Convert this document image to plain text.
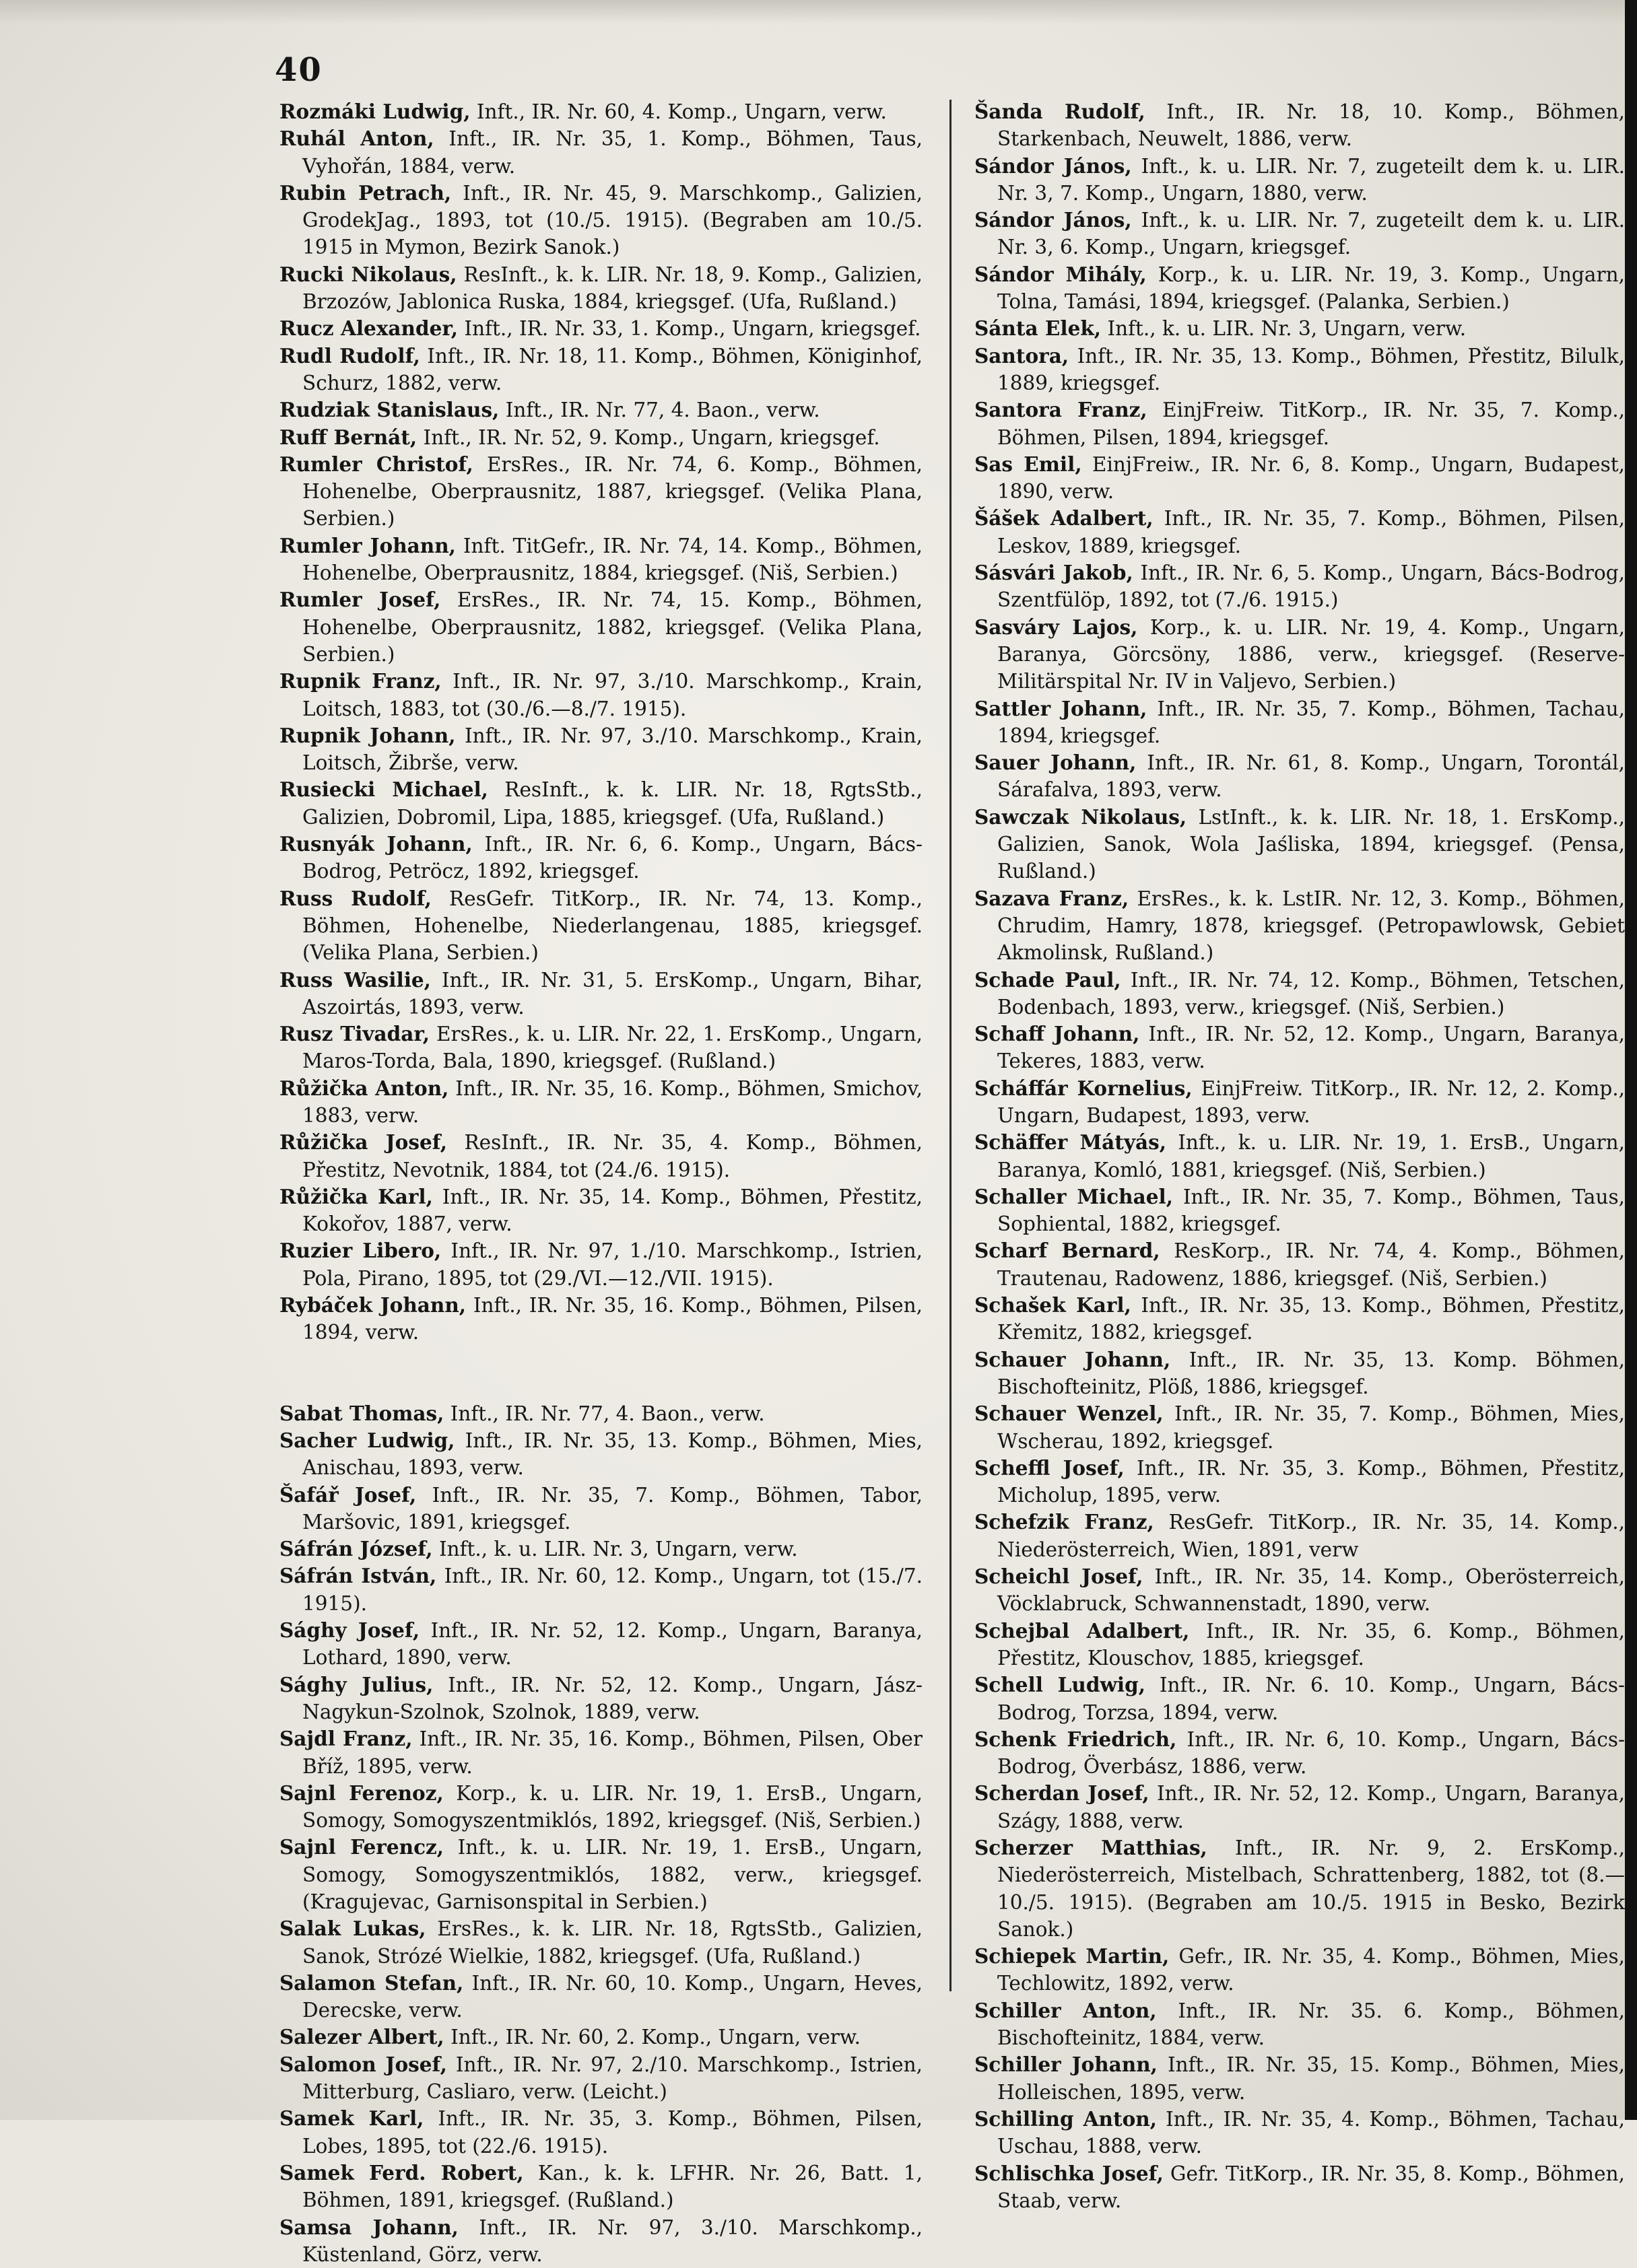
40
Rozmáki Ludwig, Inft., IR. Nr. 60, 4. Komp., Ungarn, verw.
Ruhál Anton, Inft., IR. Nr. 35, 1. Komp., Böhmen, Taus, Vyhořán, 1884, verw.
Rubin Petrach, Inft., IR. Nr. 45, 9. Marschkomp., Galizien, GrodekJag., 1893, tot (10./5. 1915). (Begraben am 10./5. 1915 in Mymon, Bezirk Sanok.)
Rucki Nikolaus, ResInft., k. k. LIR. Nr. 18, 9. Komp., Galizien, Brzozów, Jablonica Ruska, 1884, kriegsgef. (Ufa, Rußland.)
Rucz Alexander, Inft., IR. Nr. 33, 1. Komp., Ungarn, kriegsgef.
Rudl Rudolf, Inft., IR. Nr. 18, 11. Komp., Böhmen, Königinhof, Schurz, 1882, verw.
Rudziak Stanislaus, Inft., IR. Nr. 77, 4. Baon., verw.
Ruff Bernát, Inft., IR. Nr. 52, 9. Komp., Ungarn, kriegsgef.
Rumler Christof, ErsRes., IR. Nr. 74, 6. Komp., Böhmen, Hohenelbe, Oberprausnitz, 1887, kriegsgef. (Velika Plana, Serbien.)
Rumler Johann, Inft. TitGefr., IR. Nr. 74, 14. Komp., Böhmen, Hohenelbe, Oberprausnitz, 1884, kriegsgef. (Niš, Serbien.)
Rumler Josef, ErsRes., IR. Nr. 74, 15. Komp., Böhmen, Hohenelbe, Oberprausnitz, 1882, kriegsgef. (Velika Plana, Serbien.)
Rupnik Franz, Inft., IR. Nr. 97, 3./10. Marschkomp., Krain, Loitsch, 1883, tot (30./6.—8./7. 1915).
Rupnik Johann, Inft., IR. Nr. 97, 3./10. Marschkomp., Krain, Loitsch, Žibrše, verw.
Rusiecki Michael, ResInft., k. k. LIR. Nr. 18, RgtsStb., Galizien, Dobromil, Lipa, 1885, kriegsgef. (Ufa, Rußland.)
Rusnyák Johann, Inft., IR. Nr. 6, 6. Komp., Ungarn, Bács-Bodrog, Petröcz, 1892, kriegsgef.
Russ Rudolf, ResGefr. TitKorp., IR. Nr. 74, 13. Komp., Böhmen, Hohenelbe, Niederlangenau, 1885, kriegsgef. (Velika Plana, Serbien.)
Russ Wasilie, Inft., IR. Nr. 31, 5. ErsKomp., Ungarn, Bihar, Aszoirtás, 1893, verw.
Rusz Tivadar, ErsRes., k. u. LIR. Nr. 22, 1. ErsKomp., Ungarn, Maros-Torda, Bala, 1890, kriegsgef. (Rußland.)
Růžička Anton, Inft., IR. Nr. 35, 16. Komp., Böhmen, Smichov, 1883, verw.
Růžička Josef, ResInft., IR. Nr. 35, 4. Komp., Böhmen, Přestitz, Nevotnik, 1884, tot (24./6. 1915).
Růžička Karl, Inft., IR. Nr. 35, 14. Komp., Böhmen, Přestitz, Kokořov, 1887, verw.
Ruzier Libero, Inft., IR. Nr. 97, 1./10. Marschkomp., Istrien, Pola, Pirano, 1895, tot (29./VI.—12./VII. 1915).
Rybáček Johann, Inft., IR. Nr. 35, 16. Komp., Böhmen, Pilsen, 1894, verw.
Sabat Thomas, Inft., IR. Nr. 77, 4. Baon., verw.
Sacher Ludwig, Inft., IR. Nr. 35, 13. Komp., Böhmen, Mies, Anischau, 1893, verw.
Šafář Josef, Inft., IR. Nr. 35, 7. Komp., Böhmen, Tabor, Maršovic, 1891, kriegsgef.
Sáfrán József, Inft., k. u. LIR. Nr. 3, Ungarn, verw.
Sáfrán István, Inft., IR. Nr. 60, 12. Komp., Ungarn, tot (15./7. 1915).
Sághy Josef, Inft., IR. Nr. 52, 12. Komp., Ungarn, Baranya, Lothard, 1890, verw.
Sághy Julius, Inft., IR. Nr. 52, 12. Komp., Ungarn, Jász-Nagykun-Szolnok, Szolnok, 1889, verw.
Sajdl Franz, Inft., IR. Nr. 35, 16. Komp., Böhmen, Pilsen, Ober Bříž, 1895, verw.
Sajnl Ferenoz, Korp., k. u. LIR. Nr. 19, 1. ErsB., Ungarn, Somogy, Somogyszentmiklós, 1892, kriegsgef. (Niš, Serbien.)
Sajnl Ferencz, Inft., k. u. LIR. Nr. 19, 1. ErsB., Ungarn, Somogy, Somogyszentmiklós, 1882, verw., kriegsgef. (Kragujevac, Garnisonspital in Serbien.)
Salak Lukas, ErsRes., k. k. LIR. Nr. 18, RgtsStb., Galizien, Sanok, Strózé Wielkie, 1882, kriegsgef. (Ufa, Rußland.)
Salamon Stefan, Inft., IR. Nr. 60, 10. Komp., Ungarn, Heves, Derecske, verw.
Salezer Albert, Inft., IR. Nr. 60, 2. Komp., Ungarn, verw.
Salomon Josef, Inft., IR. Nr. 97, 2./10. Marschkomp., Istrien, Mitterburg, Casliaro, verw. (Leicht.)
Samek Karl, Inft., IR. Nr. 35, 3. Komp., Böhmen, Pilsen, Lobes, 1895, tot (22./6. 1915).
Samek Ferd. Robert, Kan., k. k. LFHR. Nr. 26, Batt. 1, Böhmen, 1891, kriegsgef. (Rußland.)
Samsa Johann, Inft., IR. Nr. 97, 3./10. Marschkomp., Küstenland, Görz, verw.
Šanda Rudolf, Inft., IR. Nr. 18, 10. Komp., Böhmen, Starkenbach, Neuwelt, 1886, verw.
Sándor János, Inft., k. u. LIR. Nr. 7, zugeteilt dem k. u. LIR. Nr. 3, 7. Komp., Ungarn, 1880, verw.
Sándor János, Inft., k. u. LIR. Nr. 7, zugeteilt dem k. u. LIR. Nr. 3, 6. Komp., Ungarn, kriegsgef.
Sándor Mihály, Korp., k. u. LIR. Nr. 19, 3. Komp., Ungarn, Tolna, Tamási, 1894, kriegsgef. (Palanka, Serbien.)
Sánta Elek, Inft., k. u. LIR. Nr. 3, Ungarn, verw.
Santora, Inft., IR. Nr. 35, 13. Komp., Böhmen, Přestitz, Bilulk, 1889, kriegsgef.
Santora Franz, EinjFreiw. TitKorp., IR. Nr. 35, 7. Komp., Böhmen, Pilsen, 1894, kriegsgef.
Sas Emil, EinjFreiw., IR. Nr. 6, 8. Komp., Ungarn, Budapest, 1890, verw.
Šášek Adalbert, Inft., IR. Nr. 35, 7. Komp., Böhmen, Pilsen, Leskov, 1889, kriegsgef.
Sásvári Jakob, Inft., IR. Nr. 6, 5. Komp., Ungarn, Bács-Bodrog, Szentfülöp, 1892, tot (7./6. 1915.)
Sasváry Lajos, Korp., k. u. LIR. Nr. 19, 4. Komp., Ungarn, Baranya, Görcsöny, 1886, verw., kriegsgef. (Reserve-Militärspital Nr. IV in Valjevo, Serbien.)
Sattler Johann, Inft., IR. Nr. 35, 7. Komp., Böhmen, Tachau, 1894, kriegsgef.
Sauer Johann, Inft., IR. Nr. 61, 8. Komp., Ungarn, Torontál, Sárafalva, 1893, verw.
Sawczak Nikolaus, LstInft., k. k. LIR. Nr. 18, 1. ErsKomp., Galizien, Sanok, Wola Jaśliska, 1894, kriegsgef. (Pensa, Rußland.)
Sazava Franz, ErsRes., k. k. LstIR. Nr. 12, 3. Komp., Böhmen, Chrudim, Hamry, 1878, kriegsgef. (Petropawlowsk, Gebiet Akmolinsk, Rußland.)
Schade Paul, Inft., IR. Nr. 74, 12. Komp., Böhmen, Tetschen, Bodenbach, 1893, verw., kriegsgef. (Niš, Serbien.)
Schaff Johann, Inft., IR. Nr. 52, 12. Komp., Ungarn, Baranya, Tekeres, 1883, verw.
Scháffár Kornelius, EinjFreiw. TitKorp., IR. Nr. 12, 2. Komp., Ungarn, Budapest, 1893, verw.
Schäffer Mátyás, Inft., k. u. LIR. Nr. 19, 1. ErsB., Ungarn, Baranya, Komló, 1881, kriegsgef. (Niš, Serbien.)
Schaller Michael, Inft., IR. Nr. 35, 7. Komp., Böhmen, Taus, Sophiental, 1882, kriegsgef.
Scharf Bernard, ResKorp., IR. Nr. 74, 4. Komp., Böhmen, Trautenau, Radowenz, 1886, kriegsgef. (Niš, Serbien.)
Schašek Karl, Inft., IR. Nr. 35, 13. Komp., Böhmen, Přestitz, Křemitz, 1882, kriegsgef.
Schauer Johann, Inft., IR. Nr. 35, 13. Komp. Böhmen, Bischofteinitz, Plöß, 1886, kriegsgef.
Schauer Wenzel, Inft., IR. Nr. 35, 7. Komp., Böhmen, Mies, Wscherau, 1892, kriegsgef.
Scheffl Josef, Inft., IR. Nr. 35, 3. Komp., Böhmen, Přestitz, Micholup, 1895, verw.
Schefzik Franz, ResGefr. TitKorp., IR. Nr. 35, 14. Komp., Niederösterreich, Wien, 1891, verw
Scheichl Josef, Inft., IR. Nr. 35, 14. Komp., Oberösterreich, Vöcklabruck, Schwannenstadt, 1890, verw.
Schejbal Adalbert, Inft., IR. Nr. 35, 6. Komp., Böhmen, Přestitz, Klouschov, 1885, kriegsgef.
Schell Ludwig, Inft., IR. Nr. 6. 10. Komp., Ungarn, Bács-Bodrog, Torzsa, 1894, verw.
Schenk Friedrich, Inft., IR. Nr. 6, 10. Komp., Ungarn, Bács-Bodrog, Överbász, 1886, verw.
Scherdan Josef, Inft., IR. Nr. 52, 12. Komp., Ungarn, Baranya, Szágy, 1888, verw.
Scherzer Matthias, Inft., IR. Nr. 9, 2. ErsKomp., Niederösterreich, Mistelbach, Schrattenberg, 1882, tot (8.—10./5. 1915). (Begraben am 10./5. 1915 in Besko, Bezirk Sanok.)
Schiepek Martin, Gefr., IR. Nr. 35, 4. Komp., Böhmen, Mies, Techlowitz, 1892, verw.
Schiller Anton, Inft., IR. Nr. 35. 6. Komp., Böhmen, Bischofteinitz, 1884, verw.
Schiller Johann, Inft., IR. Nr. 35, 15. Komp., Böhmen, Mies, Holleischen, 1895, verw.
Schilling Anton, Inft., IR. Nr. 35, 4. Komp., Böhmen, Tachau, Uschau, 1888, verw.
Schlischka Josef, Gefr. TitKorp., IR. Nr. 35, 8. Komp., Böhmen, Staab, verw.
